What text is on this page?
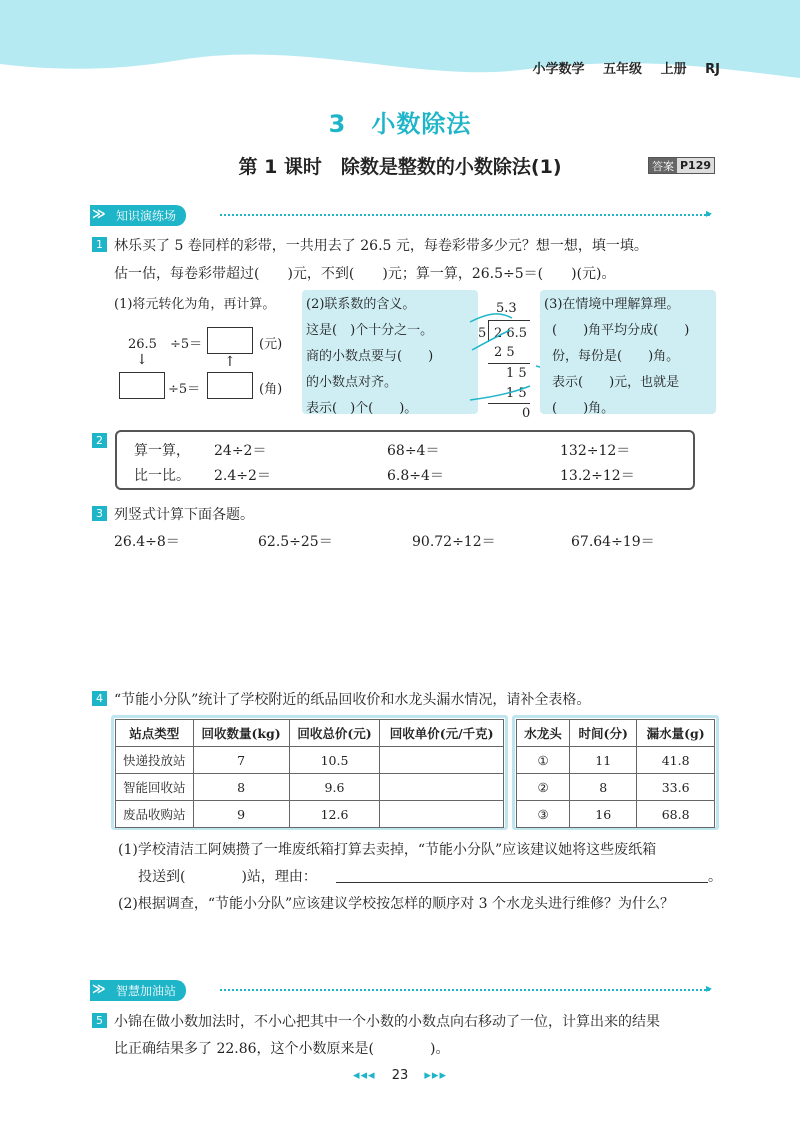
小学数学 五年级 上册 RJ
3　小数除法
第 1 课时　除数是整数的小数除法(1)	答案 P129
≫ 知识演练场	▸
1 林乐买了 5 卷同样的彩带，一共用去了 26.5 元，每卷彩带多少元？想一想，填一填。
估一估，每卷彩带超过(　　)元，不到(　　)元；算一算，26.5÷5＝(　　)(元)。
(1)将元转化为角，再计算。
26.5　÷5＝	(元)
↓	↑
÷5＝	(角)
(2)联系数的含义。
这是(　)个十分之一。
商的小数点要与(　　)
的小数点对齐。
表示(　)个(　　)。
5.3
5 2 6.5
2 5
1 5
1 5
0
(3)在情境中理解算理。
(　　)角平均分成(　　)
份，每份是(　　)角。
表示(　　)元，也就是
(　　)角。
2
算一算，
比一比。
24÷2＝	68÷4＝	132÷12＝
2.4÷2＝	6.8÷4＝	13.2÷12＝
3 列竖式计算下面各题。
26.4÷8＝	62.5÷25＝	90.72÷12＝	67.64÷19＝
4 “节能小分队”统计了学校附近的纸品回收价和水龙头漏水情况，请补全表格。
站点类型	回收数量(kg)	回收总价(元)	回收单价(元/千克)
快递投放站	7	10.5	
智能回收站	8	9.6	
废品收购站	9	12.6	
水龙头	时间(分)	漏水量(g)
①	11	41.8
②	8	33.6
③	16	68.8
(1)学校清洁工阿姨攒了一堆废纸箱打算去卖掉，“节能小分队”应该建议她将这些废纸箱
投送到(　　　　)站，理由：	。
(2)根据调查，“节能小分队”应该建议学校按怎样的顺序对 3 个水龙头进行维修？为什么？
≫ 智慧加油站	▸
5 小锦在做小数加法时，不小心把其中一个小数的小数点向右移动了一位，计算出来的结果
比正确结果多了 22.86，这个小数原来是(　　　　)。
◂◂◂ 23 ▸▸▸
